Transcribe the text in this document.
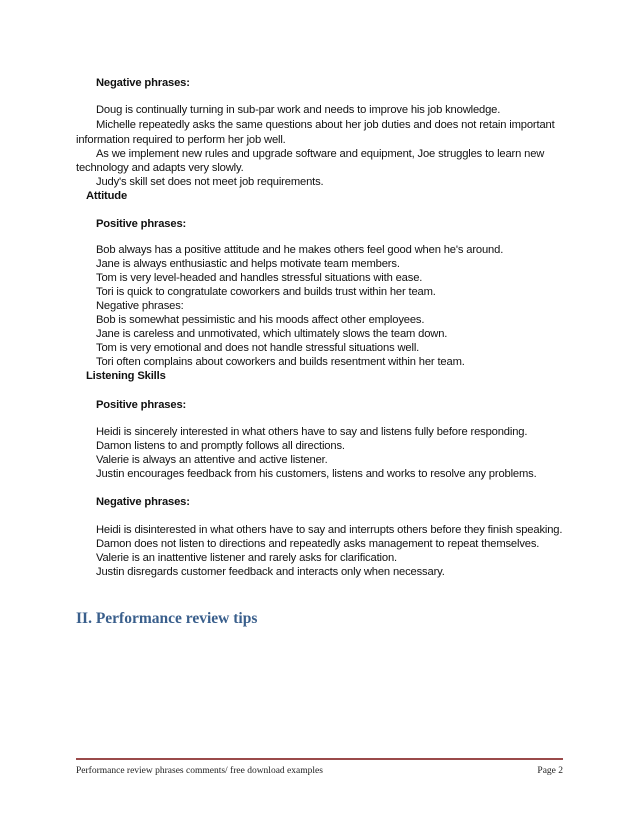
Negative phrases:
Doug is continually turning in sub-par work and needs to improve his job knowledge.
Michelle repeatedly asks the same questions about her job duties and does not retain important
information required to perform her job well.
As we implement new rules and upgrade software and equipment, Joe struggles to learn new
technology and adapts very slowly.
Judy's skill set does not meet job requirements.
Attitude
Positive phrases:
Bob always has a positive attitude and he makes others feel good when he's around.
Jane is always enthusiastic and helps motivate team members.
Tom is very level-headed and handles stressful situations with ease.
Tori is quick to congratulate coworkers and builds trust within her team.
Negative phrases:
Bob is somewhat pessimistic and his moods affect other employees.
Jane is careless and unmotivated, which ultimately slows the team down.
Tom is very emotional and does not handle stressful situations well.
Tori often complains about coworkers and builds resentment within her team.
Listening Skills
Positive phrases:
Heidi is sincerely interested in what others have to say and listens fully before responding.
Damon listens to and promptly follows all directions.
Valerie is always an attentive and active listener.
Justin encourages feedback from his customers, listens and works to resolve any problems.
Negative phrases:
Heidi is disinterested in what others have to say and interrupts others before they finish speaking.
Damon does not listen to directions and repeatedly asks management to repeat themselves.
Valerie is an inattentive listener and rarely asks for clarification.
Justin disregards customer feedback and interacts only when necessary.
II. Performance review tips
Performance review phrases comments/ free download examples	Page 2
